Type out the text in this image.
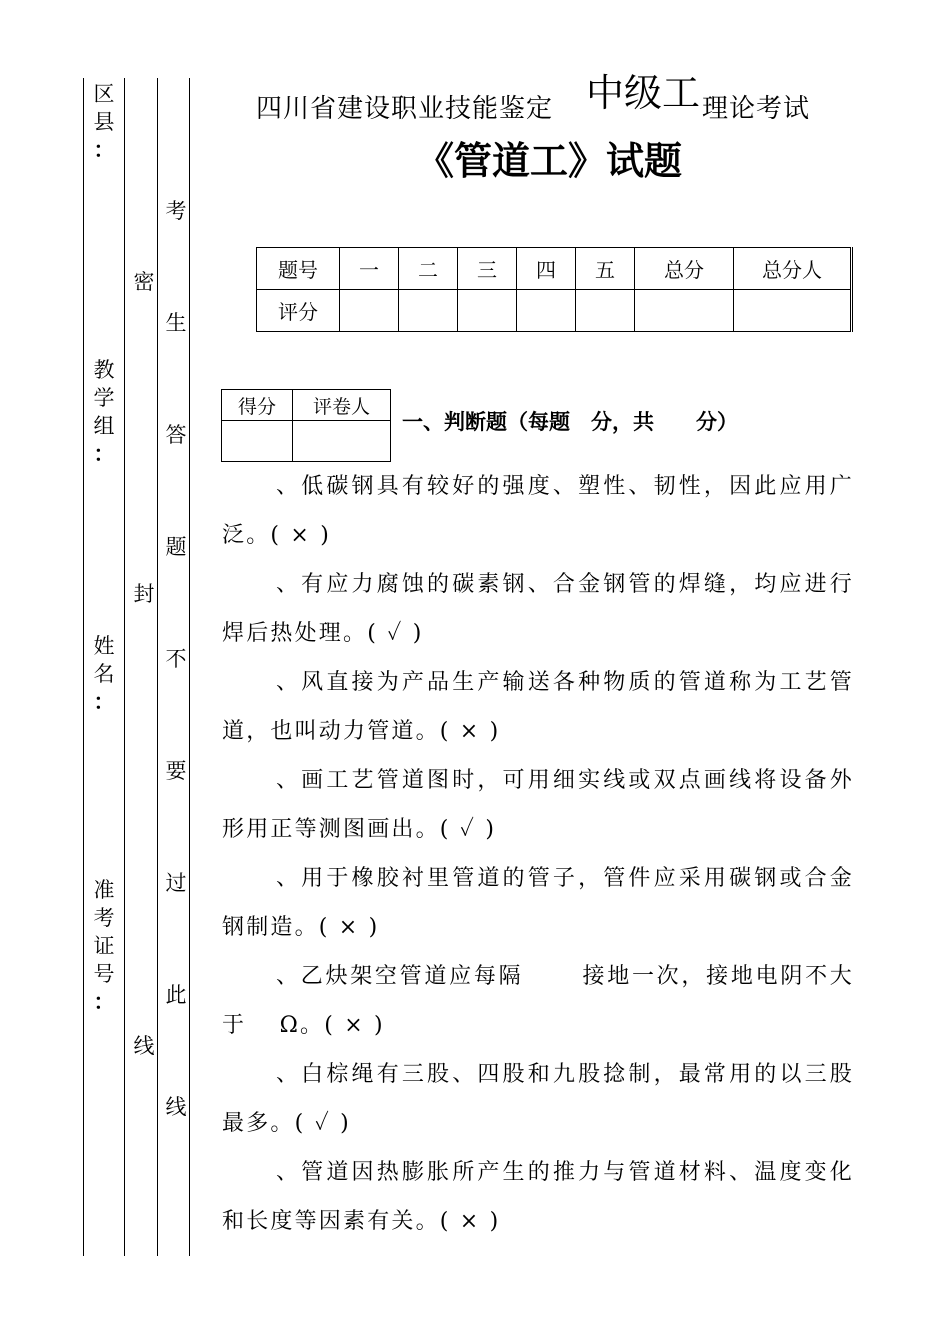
区
县
：
教
学
组
：
姓
名
：
准
考
证
号
：
密
封
线
考
生
答
题
不
要
过
此
线
四川省建设职业技能鉴定 中级工 理论考试
《管道工》试题
题号	一	二	三	四	五	总分	总分人
评分							
得分	评卷人

一、判断题（每题　分，共　　分）

、低碳钢具有较好的强度、塑性、韧性，因此应用广泛。( × )

、有应力腐蚀的碳素钢、合金钢管的焊缝，均应进行焊后热处理。( ✓ )

、风直接为产品生产输送各种物质的管道称为工艺管道，也叫动力管道。( × )

、画工艺管道图时，可用细实线或双点画线将设备外形用正等测图画出。( ✓ )

、用于橡胶衬里管道的管子，管件应采用碳钢或合金钢制造。( × )

、乙炔架空管道应每隔　　 接地一次，接地电阴不大于　 Ω。( × )

、白棕绳有三股、四股和九股捻制，最常用的以三股最多。( ✓ )

、管道因热膨胀所产生的推力与管道材料、温度变化和长度等因素有关。( × )
